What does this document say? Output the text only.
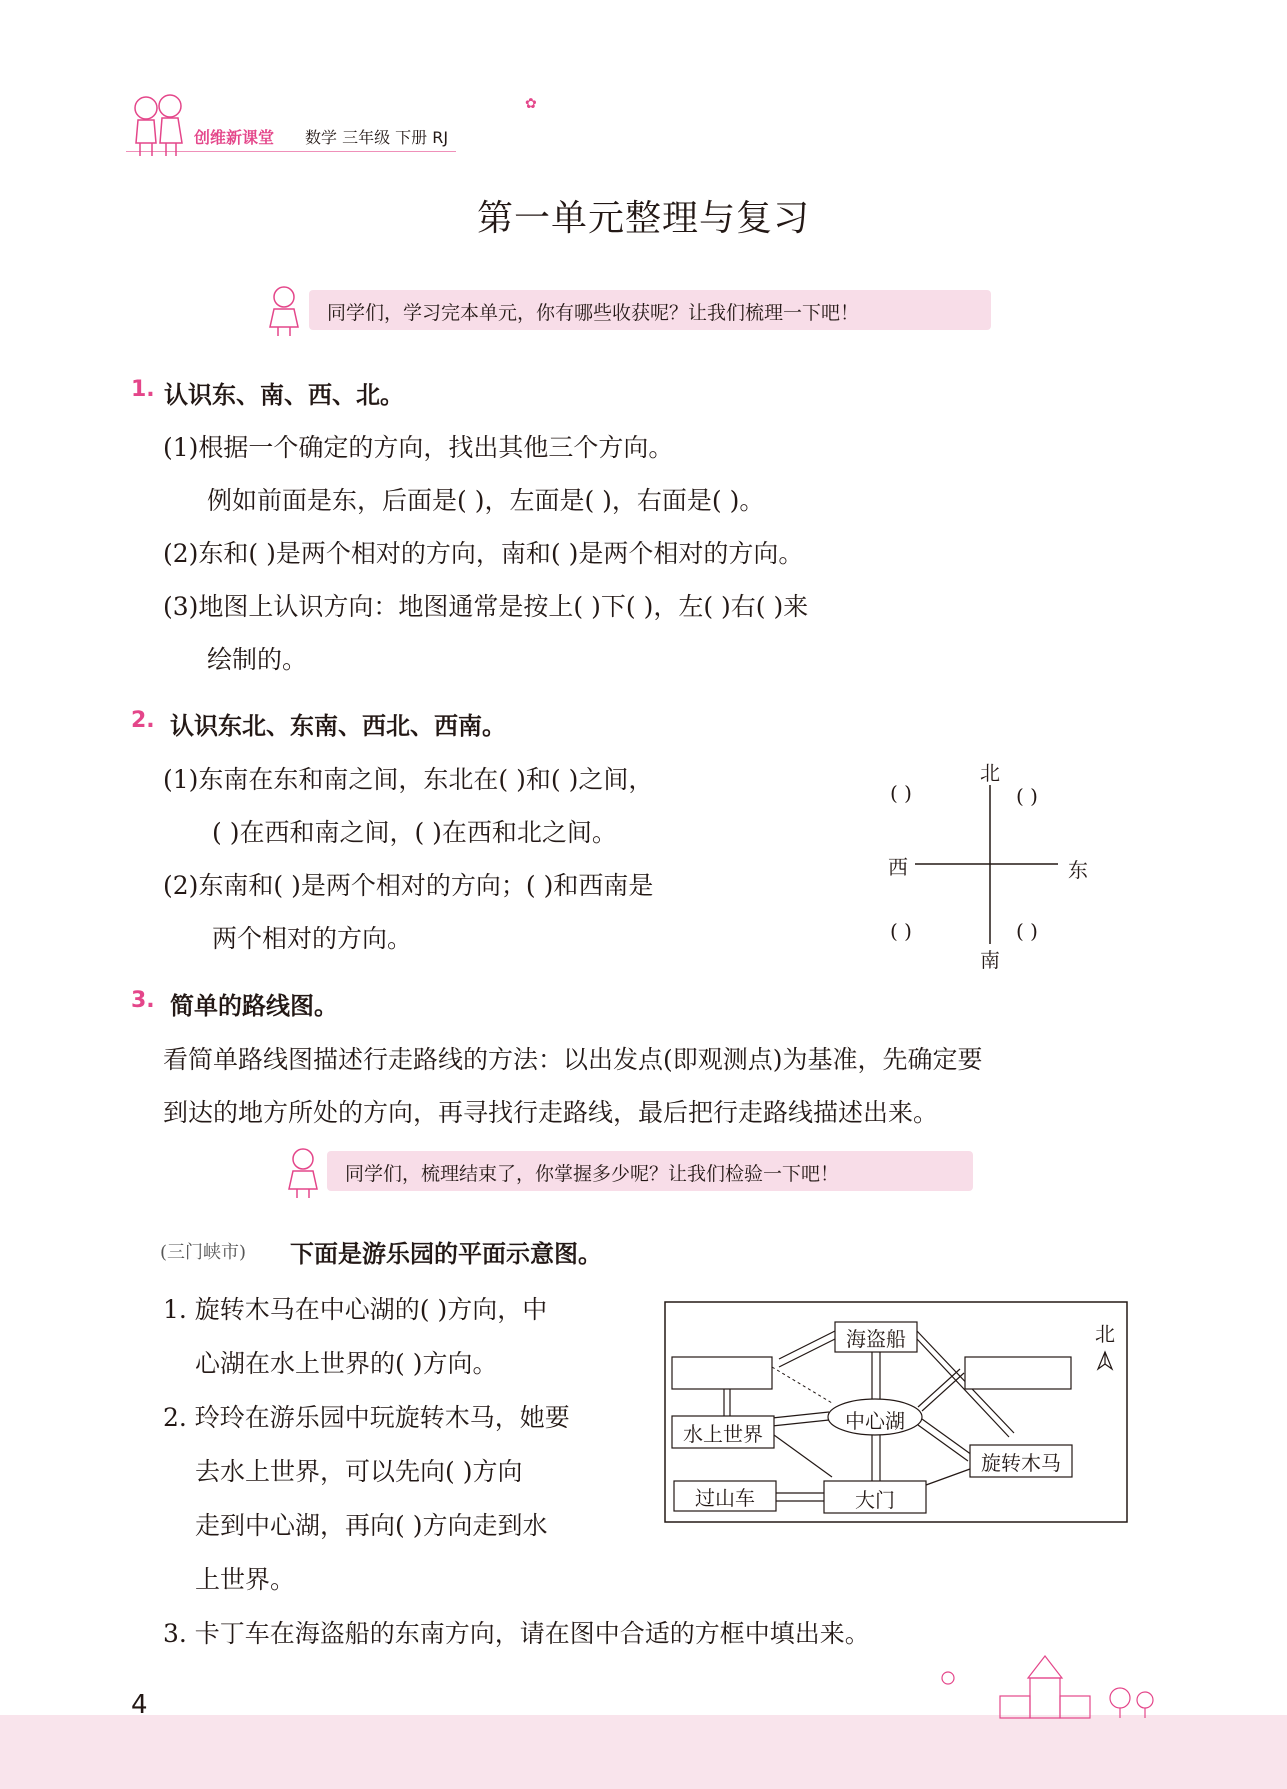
创维新课堂 数学 三年级 下册 RJ
✿
第一单元整理与复习
同学们，学习完本单元，你有哪些收获呢？让我们梳理一下吧！
1. 认识东、南、西、北。
(1)根据一个确定的方向，找出其他三个方向。
例如前面是东，后面是( )，左面是( )，右面是( )。
(2)东和( )是两个相对的方向，南和( )是两个相对的方向。
(3)地图上认识方向：地图通常是按上( )下( )，左( )右( )来
绘制的。
2. 认识东北、东南、西北、西南。
(1)东南在东和南之间，东北在( )和( )之间，
( )在西和南之间，( )在西和北之间。
(2)东南和( )是两个相对的方向；( )和西南是
两个相对的方向。
北
南
西	东
( )	( )
( )	( )
3. 简单的路线图。
看简单路线图描述行走路线的方法：以出发点(即观测点)为基准，先确定要
到达的地方所处的方向，再寻找行走路线，最后把行走路线描述出来。
同学们，梳理结束了，你掌握多少呢？让我们检验一下吧！
(三门峡市) 下面是游乐园的平面示意图。
1. 旋转木马在中心湖的( )方向，中
心湖在水上世界的( )方向。
2. 玲玲在游乐园中玩旋转木马，她要
去水上世界，可以先向( )方向
走到中心湖，再向( )方向走到水
上世界。
3. 卡丁车在海盗船的东南方向，请在图中合适的方框中填出来。
海盗船
中心湖
水上世界
旋转木马
过山车	大门
北
4
